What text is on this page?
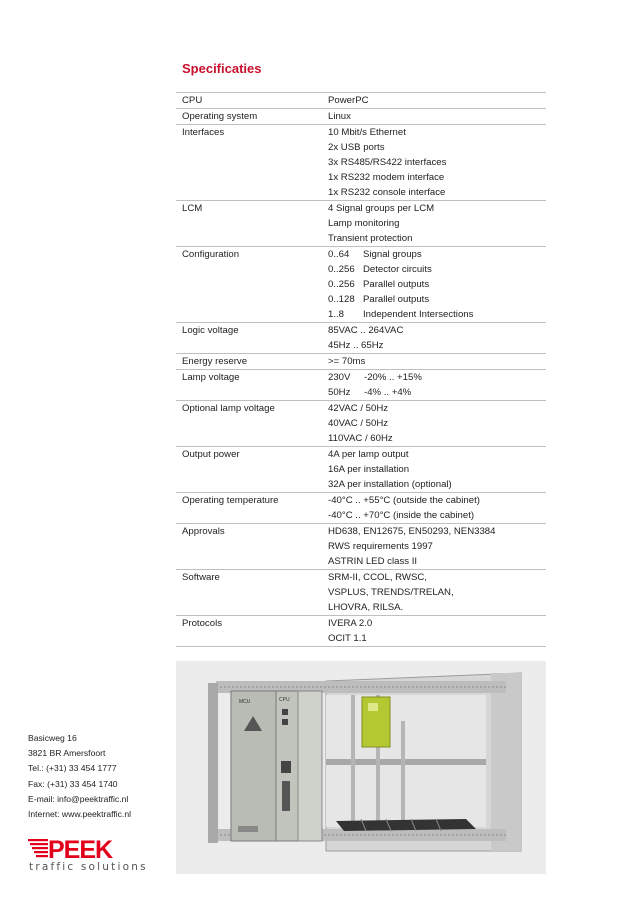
Specificaties
CPU	PowerPC
Operating system	Linux
Interfaces	10 Mbit/s Ethernet
2x USB ports
3x RS485/RS422 interfaces
1x RS232 modem interface
1x RS232 console interface
LCM	4 Signal groups per LCM
Lamp monitoring
Transient protection
Configuration	0..64 Signal groups
0..256 Detector circuits
0..256 Parallel outputs
0..128 Parallel outputs
1..8 Independent Intersections
Logic voltage	85VAC .. 264VAC
45Hz .. 65Hz
Energy reserve	>= 70ms
Lamp voltage	230V -20% .. +15%
50Hz -4% .. +4%
Optional lamp voltage	42VAC / 50Hz
40VAC / 50Hz
110VAC / 60Hz
Output power	4A per lamp output
16A per installation
32A per installation (optional)
Operating temperature	-40°C .. +55°C (outside the cabinet)
-40°C .. +70°C (inside the cabinet)
Approvals	HD638, EN12675, EN50293, NEN3384
RWS requirements 1997
ASTRIN LED class II
Software	SRM-II, CCOL, RWSC,
VSPLUS, TRENDS/TRELAN,
LHOVRA, RILSA.
Protocols	IVERA 2.0
OCIT 1.1
MCU	CPU
Basicweg 16
3821 BR Amersfoort
Tel.: (+31) 33 454 1777
Fax: (+31) 33 454 1740
E-mail: info@peektraffic.nl
Internet: www.peektraffic.nl
PEEK
traffic solutions
